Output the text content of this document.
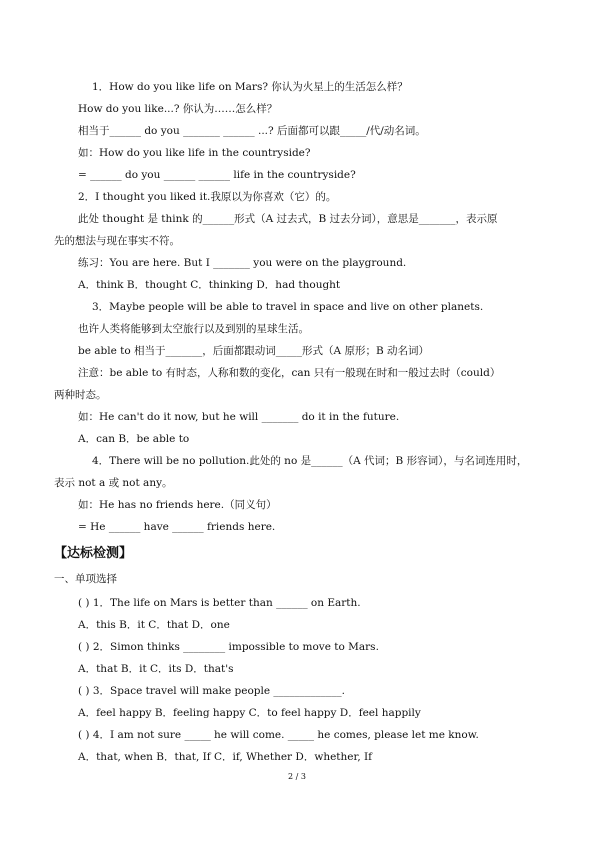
1．How do you like life on Mars? 你认为火星上的生活怎么样？
How do you like...? 你认为……怎么样？
相当于______ do you _______ ______ ...? 后面都可以跟_____/代/动名词。
如：How do you like life in the countryside?
= ______ do you ______ ______ life in the countryside?
2．I thought you liked it.我原以为你喜欢（它）的。
此处 thought 是 think 的______形式（A 过去式，B 过去分词），意思是_______，表示原
先的想法与现在事实不符。
练习：You are here. But I _______ you were on the playground.
A．think B．thought C．thinking D．had thought
3．Maybe people will be able to travel in space and live on other planets.
也许人类将能够到太空旅行以及到别的星球生活。
be able to 相当于_______，后面都跟动词_____形式（A 原形；B 动名词）
注意：be able to 有时态，人称和数的变化，can 只有一般现在时和一般过去时（could）
两种时态。
如：He can't do it now, but he will _______ do it in the future.
A．can B．be able to
4．There will be no pollution.此处的 no 是______（A 代词；B 形容词），与名词连用时，
表示 not a 或 not any。
如：He has no friends here.（同义句）
= He ______ have ______ friends here.
【达标检测】
一、单项选择
( ) 1．The life on Mars is better than ______ on Earth.
A．this B．it C．that D．one
( ) 2．Simon thinks ________ impossible to move to Mars.
A．that B．it C．its D．that's
( ) 3．Space travel will make people _____________.
A．feel happy B．feeling happy C．to feel happy D．feel happily
( ) 4．I am not sure _____ he will come. _____ he comes, please let me know.
A．that, when B．that, If C．if, Whether D．whether, If
2 / 3
